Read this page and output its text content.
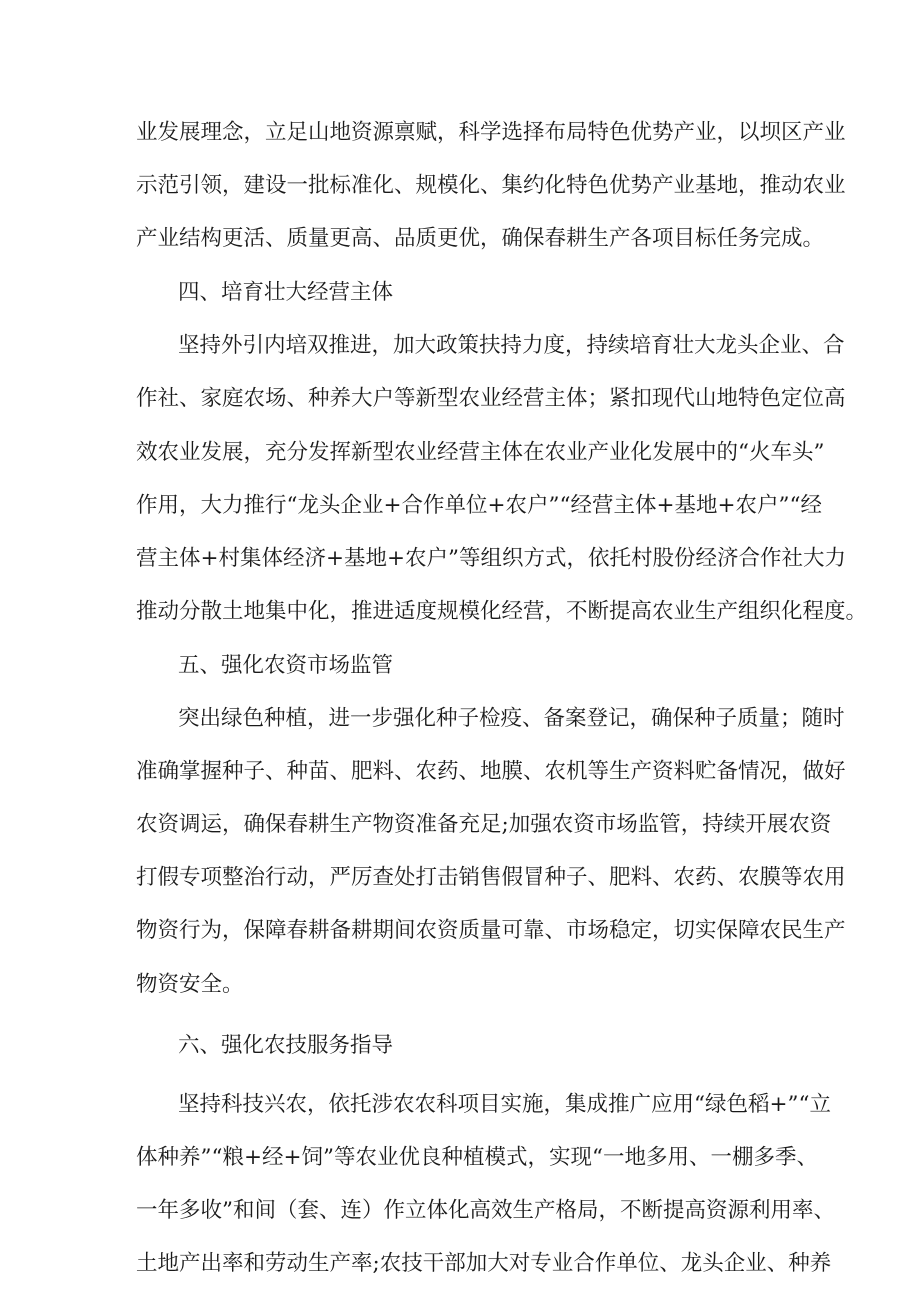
业发展理念，立足山地资源禀赋，科学选择布局特色优势产业，以坝区产业
示范引领，建设一批标准化、规模化、集约化特色优势产业基地，推动农业
产业结构更活、质量更高、品质更优，确保春耕生产各项目标任务完成。
四、培育壮大经营主体
坚持外引内培双推进，加大政策扶持力度，持续培育壮大龙头企业、合
作社、家庭农场、种养大户等新型农业经营主体；紧扣现代山地特色定位高
效农业发展，充分发挥新型农业经营主体在农业产业化发展中的“火车头”
作用，大力推行“龙头企业+合作单位+农户”“经营主体+基地+农户”“经
营主体+村集体经济+基地+农户”等组织方式，依托村股份经济合作社大力
推动分散土地集中化，推进适度规模化经营，不断提高农业生产组织化程度。
五、强化农资市场监管
突出绿色种植，进一步强化种子检疫、备案登记，确保种子质量；随时
准确掌握种子、种苗、肥料、农药、地膜、农机等生产资料贮备情况，做好
农资调运，确保春耕生产物资准备充足;加强农资市场监管，持续开展农资
打假专项整治行动，严厉查处打击销售假冒种子、肥料、农药、农膜等农用
物资行为，保障春耕备耕期间农资质量可靠、市场稳定，切实保障农民生产
物资安全。
六、强化农技服务指导
坚持科技兴农，依托涉农农科项目实施，集成推广应用“绿色稻+”“立
体种养”“粮+经+饲”等农业优良种植模式，实现“一地多用、一棚多季、
一年多收”和间（套、连）作立体化高效生产格局，不断提高资源利用率、
土地产出率和劳动生产率;农技干部加大对专业合作单位、龙头企业、种养
